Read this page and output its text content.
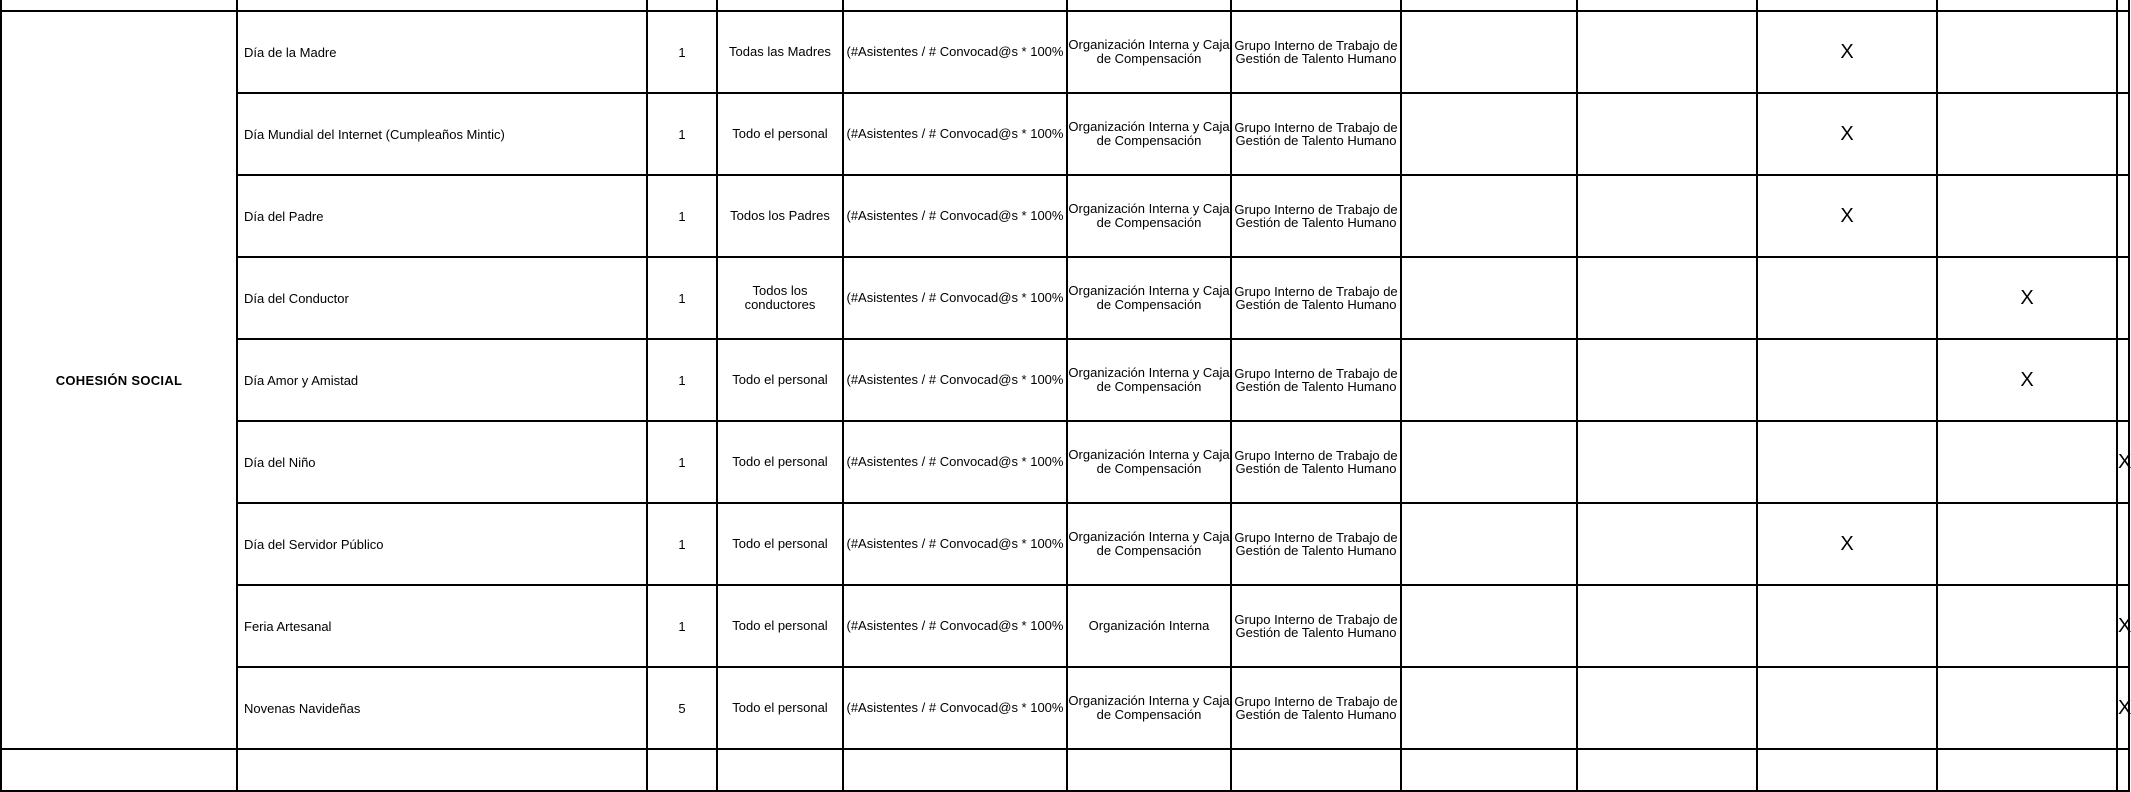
COHESIÓN SOCIAL	Día de la Madre	1	Todas las Madres	(#Asistentes / # Convocad@s * 100%	Organización Interna y Caja de Compensación	Grupo Interno de Trabajo de Gestión de Talento Humano			X			
	Día Mundial del Internet (Cumpleaños Mintic)	1	Todo el personal	(#Asistentes / # Convocad@s * 100%	Organización Interna y Caja de Compensación	Grupo Interno de Trabajo de Gestión de Talento Humano			X			
	Día del Padre	1	Todos los Padres	(#Asistentes / # Convocad@s * 100%	Organización Interna y Caja de Compensación	Grupo Interno de Trabajo de Gestión de Talento Humano			X			
	Día del Conductor	1	Todos los conductores	(#Asistentes / # Convocad@s * 100%	Organización Interna y Caja de Compensación	Grupo Interno de Trabajo de Gestión de Talento Humano				X		
	Día Amor y Amistad	1	Todo el personal	(#Asistentes / # Convocad@s * 100%	Organización Interna y Caja de Compensación	Grupo Interno de Trabajo de Gestión de Talento Humano				X		
	Día del Niño	1	Todo el personal	(#Asistentes / # Convocad@s * 100%	Organización Interna y Caja de Compensación	Grupo Interno de Trabajo de Gestión de Talento Humano					X	
	Día del Servidor Público	1	Todo el personal	(#Asistentes / # Convocad@s * 100%	Organización Interna y Caja de Compensación	Grupo Interno de Trabajo de Gestión de Talento Humano			X			
	Feria Artesanal	1	Todo el personal	(#Asistentes / # Convocad@s * 100%	Organización Interna	Grupo Interno de Trabajo de Gestión de Talento Humano					X	
	Novenas Navideñas	5	Todo el personal	(#Asistentes / # Convocad@s * 100%	Organización Interna y Caja de Compensación	Grupo Interno de Trabajo de Gestión de Talento Humano					X	
